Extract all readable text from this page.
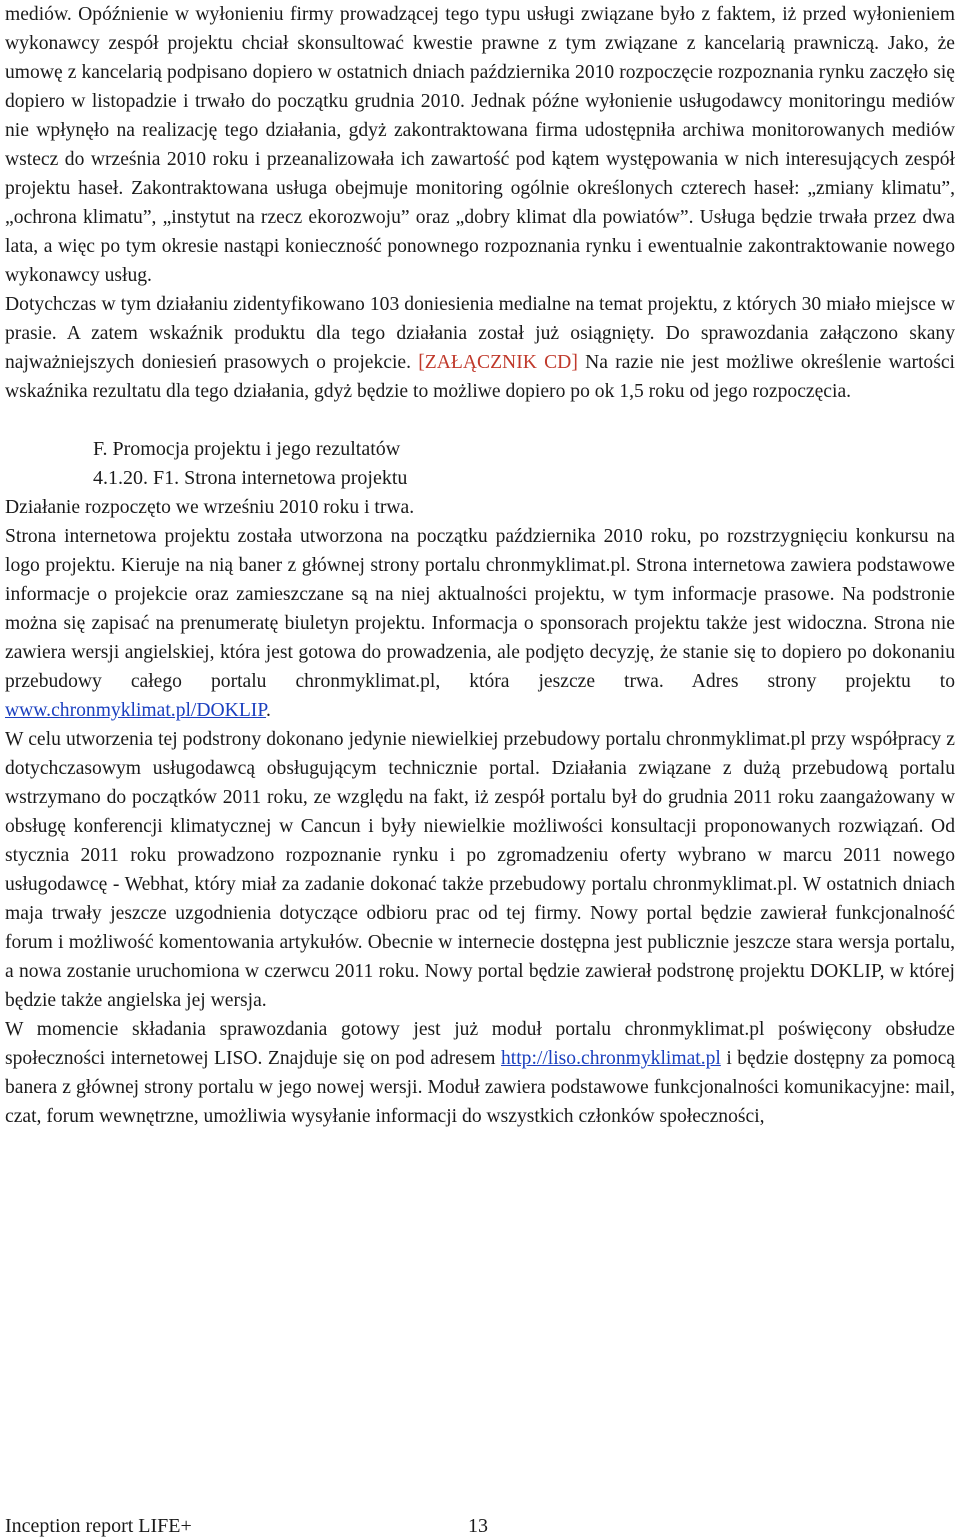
mediów. Opóźnienie w wyłonieniu firmy prowadzącej tego typu usługi związane było z faktem, iż przed wyłonieniem wykonawcy zespół projektu chciał skonsultować kwestie prawne z tym związane z kancelarią prawniczą. Jako, że umowę z kancelarią podpisano dopiero w ostatnich dniach października 2010 rozpoczęcie rozpoznania rynku zaczęło się dopiero w listopadzie i trwało do początku grudnia 2010. Jednak późne wyłonienie usługodawcy monitoringu mediów nie wpłynęło na realizację tego działania, gdyż zakontraktowana firma udostępniła archiwa monitorowanych mediów wstecz do września 2010 roku i przeanalizowała ich zawartość pod kątem występowania w nich interesujących zespół projektu haseł. Zakontraktowana usługa obejmuje monitoring ogólnie określonych czterech haseł: „zmiany klimatu”, „ochrona klimatu”, „instytut na rzecz ekorozwoju” oraz „dobry klimat dla powiatów”. Usługa będzie trwała przez dwa lata, a więc po tym okresie nastąpi konieczność ponownego rozpoznania rynku i ewentualnie zakontraktowanie nowego wykonawcy usług.

Dotychczas w tym działaniu zidentyfikowano 103 doniesienia medialne na temat projektu, z których 30 miało miejsce w prasie. A zatem wskaźnik produktu dla tego działania został już osiągnięty. Do sprawozdania załączono skany najważniejszych doniesień prasowych o projekcie. [ZAŁĄCZNIK CD] Na razie nie jest możliwe określenie wartości wskaźnika rezultatu dla tego działania, gdyż będzie to możliwe dopiero po ok 1,5 roku od jego rozpoczęcia.

F. Promocja projektu i jego rezultatów

4.1.20. F1. Strona internetowa projektu

Działanie rozpoczęto we wrześniu 2010 roku i trwa.

Strona internetowa projektu została utworzona na początku października 2010 roku, po rozstrzygnięciu konkursu na logo projektu. Kieruje na nią baner z głównej strony portalu chronmyklimat.pl. Strona internetowa zawiera podstawowe informacje o projekcie oraz zamieszczane są na niej aktualności projektu, w tym informacje prasowe. Na podstronie można się zapisać na prenumeratę biuletyn projektu. Informacja o sponsorach projektu także jest widoczna. Strona nie zawiera wersji angielskiej, która jest gotowa do prowadzenia, ale podjęto decyzję, że stanie się to dopiero po dokonaniu przebudowy całego portalu chronmyklimat.pl, która jeszcze trwa. Adres strony projektu to www.chronmyklimat.pl/DOKLIP.

W celu utworzenia tej podstrony dokonano jedynie niewielkiej przebudowy portalu chronmyklimat.pl przy współpracy z dotychczasowym usługodawcą obsługującym technicznie portal. Działania związane z dużą przebudową portalu wstrzymano do początków 2011 roku, ze względu na fakt, iż zespół portalu był do grudnia 2011 roku zaangażowany w obsługę konferencji klimatycznej w Cancun i były niewielkie możliwości konsultacji proponowanych rozwiązań. Od stycznia 2011 roku prowadzono rozpoznanie rynku i po zgromadzeniu oferty wybrano w marcu 2011 nowego usługodawcę - Webhat, który miał za zadanie dokonać także przebudowy portalu chronmyklimat.pl. W ostatnich dniach maja trwały jeszcze uzgodnienia dotyczące odbioru prac od tej firmy. Nowy portal będzie zawierał funkcjonalność forum i możliwość komentowania artykułów. Obecnie w internecie dostępna jest publicznie jeszcze stara wersja portalu, a nowa zostanie uruchomiona w czerwcu 2011 roku. Nowy portal będzie zawierał podstronę projektu DOKLIP, w której będzie także angielska jej wersja.

W momencie składania sprawozdania gotowy jest już moduł portalu chronmyklimat.pl poświęcony obsłudze społeczności internetowej LISO. Znajduje się on pod adresem http://liso.chronmyklimat.pl i będzie dostępny za pomocą banera z głównej strony portalu w jego nowej wersji. Moduł zawiera podstawowe funkcjonalności komunikacyjne: mail, czat, forum wewnętrzne, umożliwia wysyłanie informacji do wszystkich członków społeczności,

Inception report LIFE+	13
